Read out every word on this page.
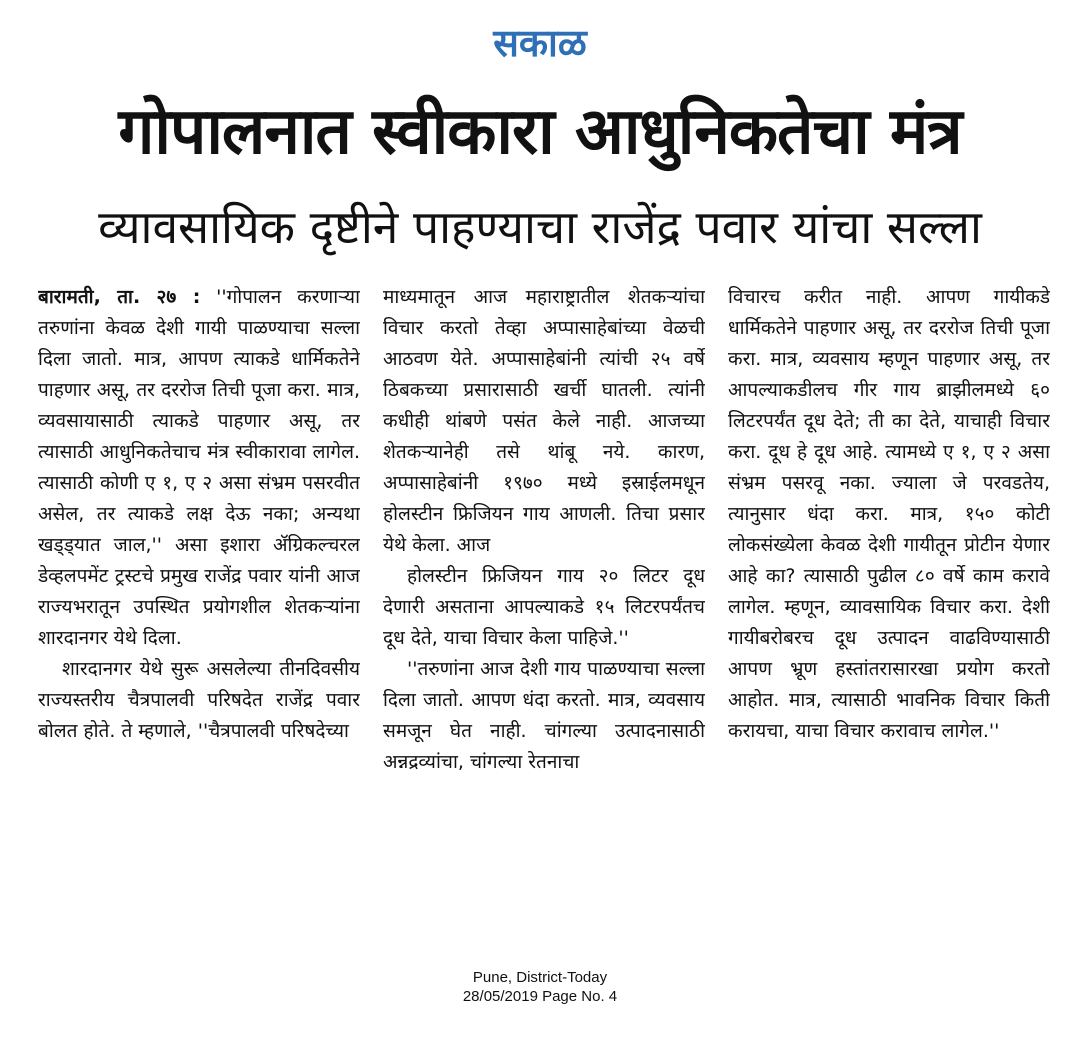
सकाळ
गोपालनात स्वीकारा आधुनिकतेचा मंत्र
व्यावसायिक दृष्टीने पाहण्याचा राजेंद्र पवार यांचा सल्ला

बारामती, ता. २७ : ''गोपालन करणाऱ्या तरुणांना केवळ देशी गायी पाळण्याचा सल्ला दिला जातो. मात्र, आपण त्याकडे धार्मिकतेने पाहणार असू, तर दररोज तिची पूजा करा. मात्र, व्यवसायासाठी त्याकडे पाहणार असू, तर त्यासाठी आधुनिकतेचाच मंत्र स्वीकारावा लागेल. त्यासाठी कोणी ए १, ए २ असा संभ्रम पसरवीत असेल, तर त्याकडे लक्ष देऊ नका; अन्यथा खड्ड्यात जाल,'' असा इशारा ॲग्रिकल्चरल डेव्हलपमेंट ट्रस्टचे प्रमुख राजेंद्र पवार यांनी आज राज्यभरातून उपस्थित प्रयोगशील शेतकऱ्यांना शारदानगर येथे दिला.

शारदानगर येथे सुरू असलेल्या तीनदिवसीय राज्यस्तरीय चैत्रपालवी परिषदेत राजेंद्र पवार बोलत होते. ते म्हणाले, ''चैत्रपालवी परिषदेच्या

माध्यमातून आज महाराष्ट्रातील शेतकऱ्यांचा विचार करतो तेव्हा अप्पासाहेबांच्या वेळची आठवण येते. अप्पासाहेबांनी त्यांची २५ वर्षे ठिबकच्या प्रसारासाठी खर्ची घातली. त्यांनी कधीही थांबणे पसंत केले नाही. आजच्या शेतकऱ्यानेही तसे थांबू नये. कारण, अप्पासाहेबांनी १९७० मध्ये इस्राईलमधून होलस्टीन फ्रिजियन गाय आणली. तिचा प्रसार येथे केला. आज

होलस्टीन फ्रिजियन गाय २० लिटर दूध देणारी असताना आपल्याकडे १५ लिटरपर्यंतच दूध देते, याचा विचार केला पाहिजे.''

''तरुणांना आज देशी गाय पाळण्याचा सल्ला दिला जातो. आपण धंदा करतो. मात्र, व्यवसाय समजून घेत नाही. चांगल्या उत्पादनासाठी अन्नद्रव्यांचा, चांगल्या रेतनाचा

विचारच करीत नाही. आपण गायीकडे धार्मिकतेने पाहणार असू, तर दररोज तिची पूजा करा. मात्र, व्यवसाय म्हणून पाहणार असू, तर आपल्याकडीलच गीर गाय ब्राझीलमध्ये ६० लिटरपर्यंत दूध देते; ती का देते, याचाही विचार करा. दूध हे दूध आहे. त्यामध्ये ए १, ए २ असा संभ्रम पसरवू नका. ज्याला जे परवडतेय, त्यानुसार धंदा करा. मात्र, १५० कोटी लोकसंख्येला केवळ देशी गायीतून प्रोटीन येणार आहे का? त्यासाठी पुढील ८० वर्षे काम करावे लागेल. म्हणून, व्यावसायिक विचार करा. देशी गायीबरोबरच दूध उत्पादन वाढविण्यासाठी आपण भ्रूण हस्तांतरासारखा प्रयोग करतो आहोत. मात्र, त्यासाठी भावनिक विचार किती करायचा, याचा विचार करावाच लागेल.''

Pune, District-Today
28/05/2019 Page No. 4
